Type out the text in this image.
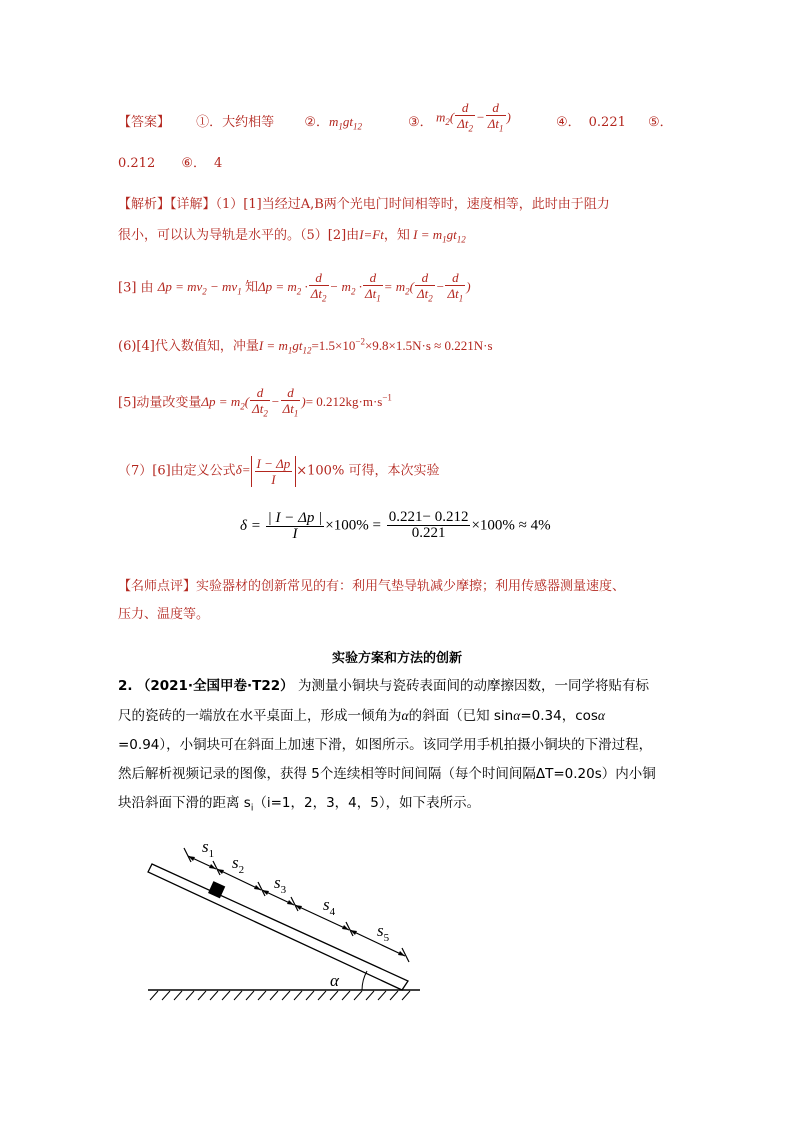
【答案】 ①．大约相等 ②．$m_1gt_{12}$	③． $m_2( \frac{d}{\Delta t_2} - \frac{d}{\Delta t_1}$ )	④． 0.221 ⑤．
0.212 ⑥． 4
【解析】【详解】（1）[1]当经过A,B两个光电门时间相等时，速度相等，此时由于阻力
很小，可以认为导轨是水平的。（5）[2]由I=Ft，知 $I = m_1gt_{12}$
[3] 由 $\Delta p = mv_2 - mv_1$ 知$\Delta p = m_2 \cdot \frac{d}{\Delta t_2} - m_2 \cdot \frac{d}{\Delta t_1} = m_2( \frac{d}{\Delta t_2} - \frac{d}{\Delta t_1}$ )
(6)[4]代入数值知，冲量$I = m_1gt_{12}=1.5\times 10^{-2}\times 9.8\times 1.5N\cdot s \approx 0.221N\cdot s$
[5]动量改变量$\Delta p = m_2( \frac{d}{\Delta t_2} - \frac{d}{\Delta t_1}$ )= $0.212kg\cdot m\cdot s^{-1}$
（7）[6]由定义公式$\delta= \frac{I - \Delta p}{I} \times 100\%$ 可得，本次实验
$\delta = \frac{| I - \Delta p |}{I} \times 100\% = \frac{0.221- 0.212}{0.221} \times 100\% \approx 4\%$
【名师点评】实验器材的创新常见的有：利用气垫导轨减少摩擦；利用传感器测量速度、
压力、温度等。
实验方案和方法的创新
2. （2021·全国甲卷·T22） 为测量小铜块与瓷砖表面间的动摩擦因数，一同学将贴有标
尺的瓷砖的一端放在水平桌面上，形成一倾角为α的斜面（已知 sinα=0.34，cosα
=0.94），小铜块可在斜面上加速下滑，如图所示。该同学用手机拍摄小铜块的下滑过程，
然后解析视频记录的图像，获得 5个连续相等时间间隔（每个时间间隔ΔT=0.20s）内小铜
块沿斜面下滑的距离 $s_i(i=1$，2，3，4，5），如下表所示。
α
$s_1$ $s_2$
$s_3$
$s_4$
$s_5$
